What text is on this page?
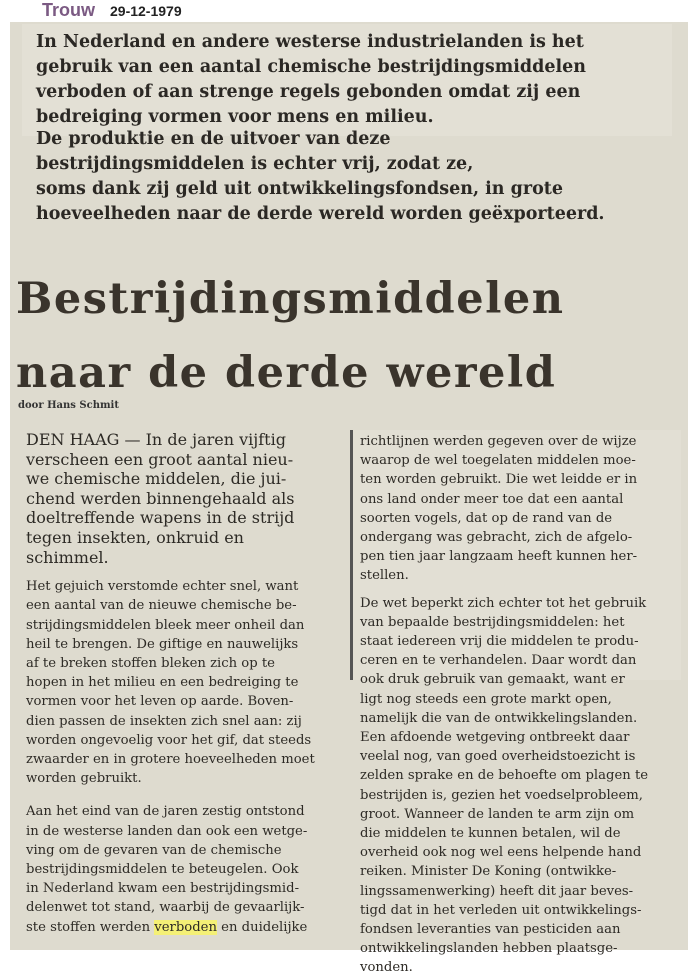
Trouw 29-12-1979

In Nederland en andere westerse industrielanden is het
gebruik van een aantal chemische bestrijdingsmiddelen
verboden of aan strenge regels gebonden omdat zij een
bedreiging vormen voor mens en milieu.

De produktie en de uitvoer van deze
bestrijdingsmiddelen is echter vrij, zodat ze,
soms dank zij geld uit ontwikkelingsfondsen, in grote
hoeveelheden naar de derde wereld worden geëxporteerd.

Bestrijdingsmiddelen
naar de derde wereld
door Hans Schmit

DEN HAAG — In de jaren vijftig
verscheen een groot aantal nieu-
we chemische middelen, die jui-
chend werden binnengehaald als
doeltreffende wapens in de strijd
tegen insekten, onkruid en
schimmel.

Het gejuich verstomde echter snel, want
een aantal van de nieuwe chemische be-
strijdingsmiddelen bleek meer onheil dan
heil te brengen. De giftige en nauwelijks
af te breken stoffen bleken zich op te
hopen in het milieu en een bedreiging te
vormen voor het leven op aarde. Boven-
dien passen de insekten zich snel aan: zij
worden ongevoelig voor het gif, dat steeds
zwaarder en in grotere hoeveelheden moet
worden gebruikt.

Aan het eind van de jaren zestig ontstond
in de westerse landen dan ook een wetge-
ving om de gevaren van de chemische
bestrijdingsmiddelen te beteugelen. Ook
in Nederland kwam een bestrijdingsmid-
delenwet tot stand, waarbij de gevaarlijk-
ste stoffen werden verboden en duidelijke

richtlijnen werden gegeven over de wijze
waarop de wel toegelaten middelen moe-
ten worden gebruikt. Die wet leidde er in
ons land onder meer toe dat een aantal
soorten vogels, dat op de rand van de
ondergang was gebracht, zich de afgelo-
pen tien jaar langzaam heeft kunnen her-
stellen.

De wet beperkt zich echter tot het gebruik
van bepaalde bestrijdingsmiddelen: het
staat iedereen vrij die middelen te produ-
ceren en te verhandelen. Daar wordt dan
ook druk gebruik van gemaakt, want er
ligt nog steeds een grote markt open,
namelijk die van de ontwikkelingslanden.
Een afdoende wetgeving ontbreekt daar
veelal nog, van goed overheidstoezicht is
zelden sprake en de behoefte om plagen te
bestrijden is, gezien het voedselprobleem,
groot. Wanneer de landen te arm zijn om
die middelen te kunnen betalen, wil de
overheid ook nog wel eens helpende hand
reiken. Minister De Koning (ontwikke-
lingssamenwerking) heeft dit jaar beves-
tigd dat in het verleden uit ontwikkelings-
fondsen leveranties van pesticiden aan
ontwikkelingslanden hebben plaatsge-
vonden.
